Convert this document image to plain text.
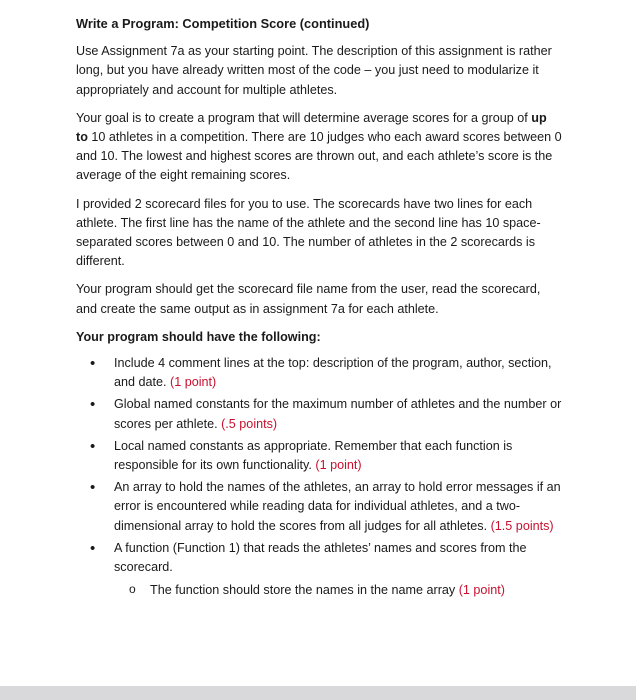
Write a Program: Competition Score (continued)

Use Assignment 7a as your starting point. The description of this assignment is rather long, but you have already written most of the code – you just need to modularize it appropriately and account for multiple athletes.

Your goal is to create a program that will determine average scores for a group of up to 10 athletes in a competition. There are 10 judges who each award scores between 0 and 10. The lowest and highest scores are thrown out, and each athlete’s score is the average of the eight remaining scores.

I provided 2 scorecard files for you to use. The scorecards have two lines for each athlete. The first line has the name of the athlete and the second line has 10 space-separated scores between 0 and 10. The number of athletes in the 2 scorecards is different.

Your program should get the scorecard file name from the user, read the scorecard, and create the same output as in assignment 7a for each athlete.

Your program should have the following:

• Include 4 comment lines at the top: description of the program, author, section, and date. (1 point)
• Global named constants for the maximum number of athletes and the number or scores per athlete. (.5 points)
• Local named constants as appropriate. Remember that each function is responsible for its own functionality. (1 point)
• An array to hold the names of the athletes, an array to hold error messages if an error is encountered while reading data for individual athletes, and a two-dimensional array to hold the scores from all judges for all athletes. (1.5 points)
• A function (Function 1) that reads the athletes’ names and scores from the scorecard.
o The function should store the names in the name array (1 point)
